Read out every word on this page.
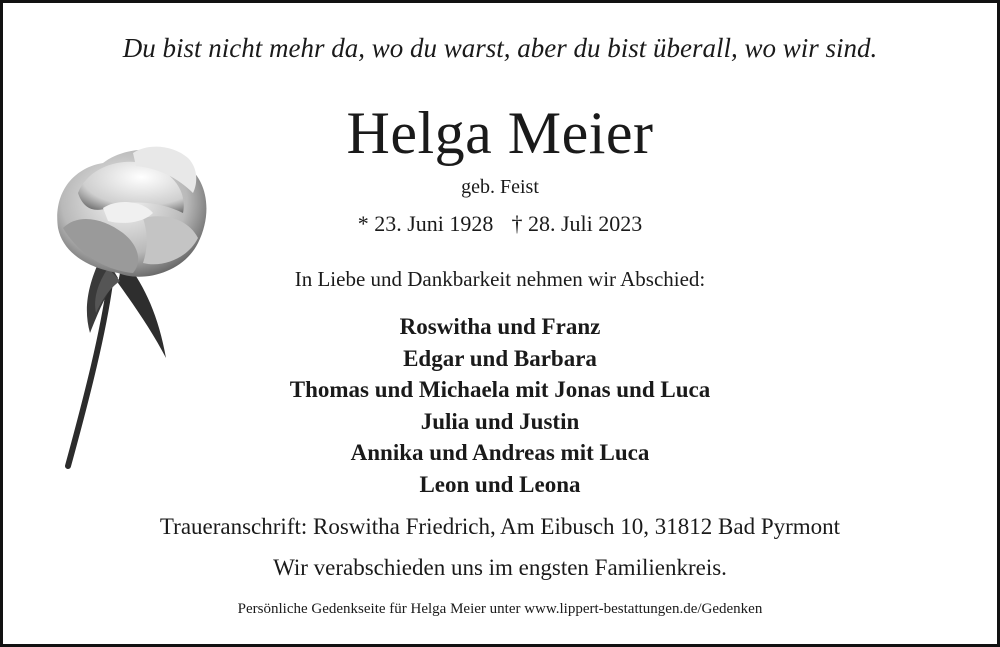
Du bist nicht mehr da, wo du warst, aber du bist überall, wo wir sind.
Helga Meier
geb. Feist
* 23. Juni 1928 † 28. Juli 2023
In Liebe und Dankbarkeit nehmen wir Abschied:
Roswitha und Franz
Edgar und Barbara
Thomas und Michaela mit Jonas und Luca
Julia und Justin
Annika und Andreas mit Luca
Leon und Leona
Traueranschrift: Roswitha Friedrich, Am Eibusch 10, 31812 Bad Pyrmont
Wir verabschieden uns im engsten Familienkreis.
Persönliche Gedenkseite für Helga Meier unter www.lippert-bestattungen.de/Gedenken
